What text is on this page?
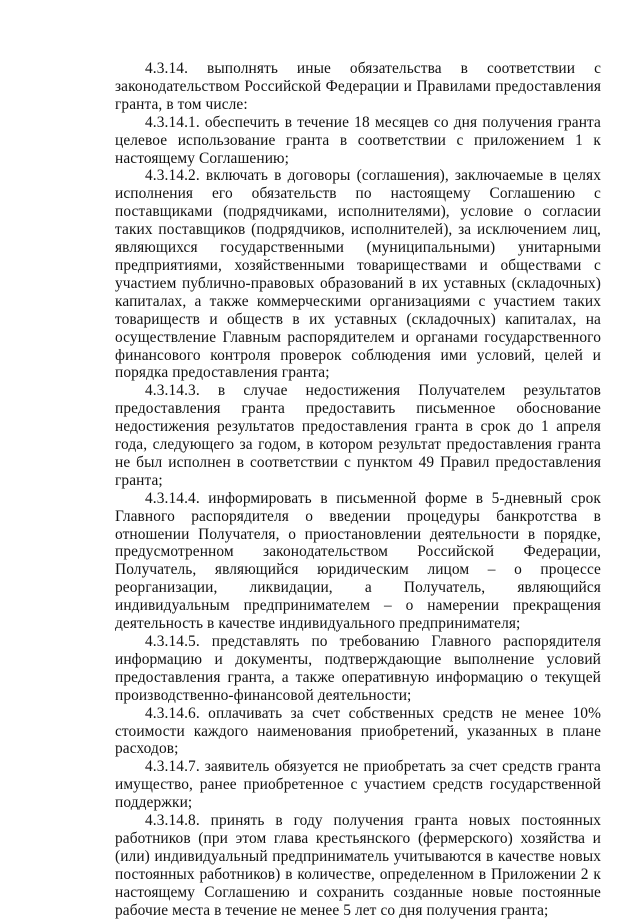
4.3.14. выполнять иные обязательства в соответствии с законодательством Российской Федерации и Правилами предоставления гранта, в том числе:

4.3.14.1. обеспечить в течение 18 месяцев со дня получения гранта целевое использование гранта в соответствии с приложением 1 к настоящему Соглашению;

4.3.14.2. включать в договоры (соглашения), заключаемые в целях исполнения его обязательств по настоящему Соглашению с поставщиками (подрядчиками, исполнителями), условие о согласии таких поставщиков (подрядчиков, исполнителей), за исключением лиц, являющихся государственными (муниципальными) унитарными предприятиями, хозяйственными товариществами и обществами с участием публично-правовых образований в их уставных (складочных) капиталах, а также коммерческими организациями с участием таких товариществ и обществ в их уставных (складочных) капиталах, на осуществление Главным распорядителем и органами государственного финансового контроля проверок соблюдения ими условий, целей и порядка предоставления гранта;

4.3.14.3. в случае недостижения Получателем результатов предоставления гранта предоставить письменное обоснование недостижения результатов предоставления гранта в срок до 1 апреля года, следующего за годом, в котором результат предоставления гранта не был исполнен в соответствии с пунктом 49 Правил предоставления гранта;

4.3.14.4. информировать в письменной форме в 5-дневный срок Главного распорядителя о введении процедуры банкротства в отношении Получателя, о приостановлении деятельности в порядке, предусмотренном законодательством Российской Федерации, Получатель, являющийся юридическим лицом – о процессе реорганизации, ликвидации, а Получатель, являющийся индивидуальным предпринимателем – о намерении прекращения деятельность в качестве индивидуального предпринимателя;

4.3.14.5. представлять по требованию Главного распорядителя информацию и документы, подтверждающие выполнение условий предоставления гранта, а также оперативную информацию о текущей производственно-финансовой деятельности;

4.3.14.6. оплачивать за счет собственных средств не менее 10% стоимости каждого наименования приобретений, указанных в плане расходов;

4.3.14.7. заявитель обязуется не приобретать за счет средств гранта имущество, ранее приобретенное с участием средств государственной поддержки;

4.3.14.8. принять в году получения гранта новых постоянных работников (при этом глава крестьянского (фермерского) хозяйства и (или) индивидуальный предприниматель учитываются в качестве новых постоянных работников) в количестве, определенном в Приложении 2 к настоящему Соглашению и сохранить созданные новые постоянные рабочие места в течение не менее 5 лет со дня получения гранта;
